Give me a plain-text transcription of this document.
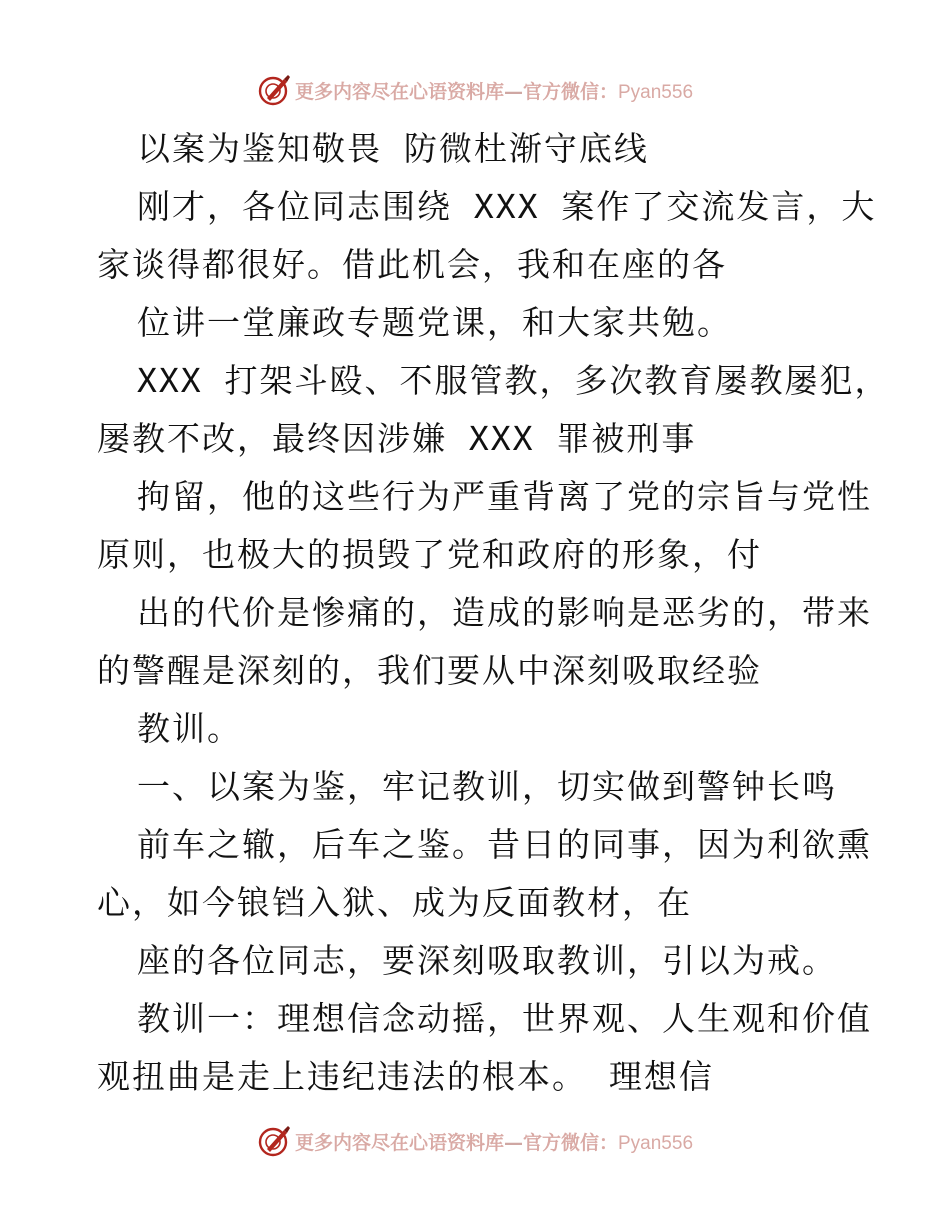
更多内容尽在心语资料库—官方微信：Pyan556
以案为鉴知敬畏 防微杜渐守底线
刚才，各位同志围绕 XXX 案作了交流发言，大
家谈得都很好。借此机会，我和在座的各
位讲一堂廉政专题党课，和大家共勉。
XXX 打架斗殴、不服管教，多次教育屡教屡犯，
屡教不改，最终因涉嫌 XXX 罪被刑事
拘留，他的这些行为严重背离了党的宗旨与党性
原则，也极大的损毁了党和政府的形象，付
出的代价是惨痛的，造成的影响是恶劣的，带来
的警醒是深刻的，我们要从中深刻吸取经验
教训。
一、以案为鉴，牢记教训，切实做到警钟长鸣
前车之辙，后车之鉴。昔日的同事，因为利欲熏
心，如今锒铛入狱、成为反面教材，在
座的各位同志，要深刻吸取教训，引以为戒。
教训一：理想信念动摇，世界观、人生观和价值
观扭曲是走上违纪违法的根本。 理想信
更多内容尽在心语资料库—官方微信：Pyan556
